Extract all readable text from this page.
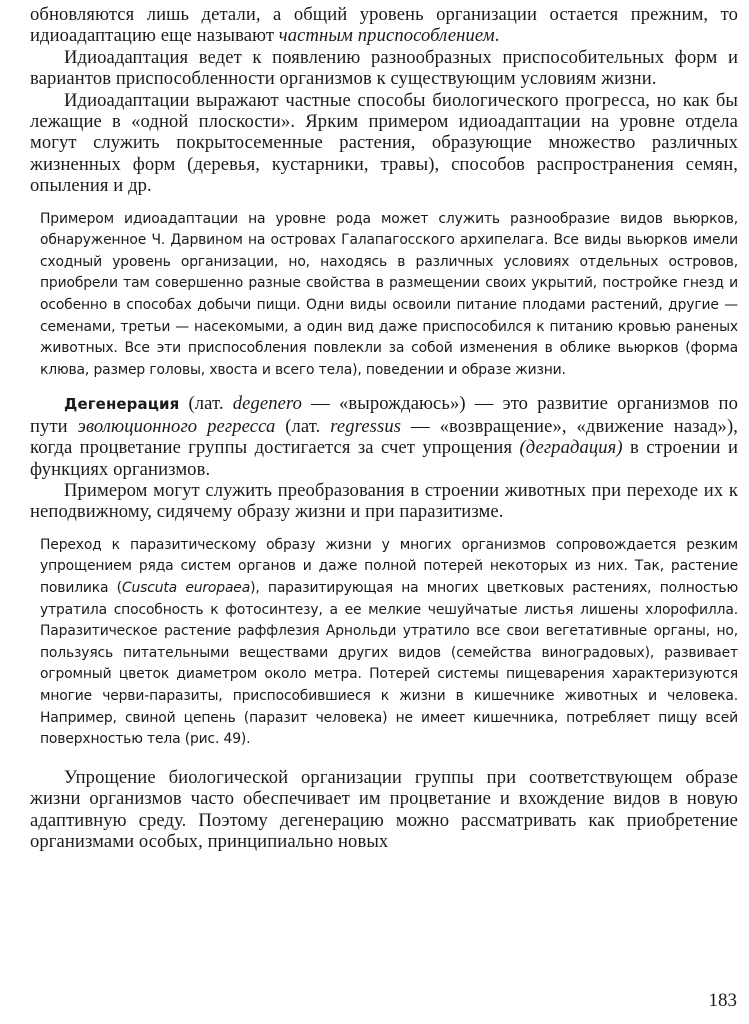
обновляются лишь детали, а общий уровень организации остается прежним, то идиоадаптацию еще называют частным приспособлением.

Идиоадаптация ведет к появлению разнообразных приспособительных форм и вариантов приспособленности организмов к существующим условиям жизни.

Идиоадаптации выражают частные способы биологического прогресса, но как бы лежащие в «одной плоскости». Ярким примером идиоадаптации на уровне отдела могут служить покрытосеменные растения, образующие множество различных жизненных форм (деревья, кустарники, травы), способов распространения семян, опыления и др.

Примером идиоадаптации на уровне рода может служить разнообразие видов вьюрков, обнаруженное Ч. Дарвином на островах Галапагосского архипелага. Все виды вьюрков имели сходный уровень организации, но, находясь в различных условиях отдельных островов, приобрели там совершенно разные свойства в размещении своих укрытий, постройке гнезд и особенно в способах добычи пищи. Одни виды освоили питание плодами растений, другие — семенами, третьи — насекомыми, а один вид даже приспособился к питанию кровью раненых животных. Все эти приспособления повлекли за собой изменения в облике вьюрков (форма клюва, размер головы, хвоста и всего тела), поведении и образе жизни.

Дегенерация (лат. degenero — «вырождаюсь») — это развитие организмов по пути эволюционного регресса (лат. regressus — «возвращение», «движение назад»), когда процветание группы достигается за счет упрощения (деградация) в строении и функциях организмов.

Примером могут служить преобразования в строении животных при переходе их к неподвижному, сидячему образу жизни и при паразитизме.

Переход к паразитическому образу жизни у многих организмов сопровождается резким упрощением ряда систем органов и даже полной потерей некоторых из них. Так, растение повилика (Cuscuta europaea), паразитирующая на многих цветковых растениях, полностью утратила способность к фотосинтезу, а ее мелкие чешуйчатые листья лишены хлорофилла. Паразитическое растение раффлезия Арнольди утратило все свои вегетативные органы, но, пользуясь питательными веществами других видов (семейства виноградовых), развивает огромный цветок диаметром около метра. Потерей системы пищеварения характеризуются многие черви-паразиты, приспособившиеся к жизни в кишечнике животных и человека. Например, свиной цепень (паразит человека) не имеет кишечника, потребляет пищу всей поверхностью тела (рис. 49).

Упрощение биологической организации группы при соответствующем образе жизни организмов часто обеспечивает им процветание и вхождение видов в новую адаптивную среду. Поэтому дегенерацию можно рассматривать как приобретение организмами особых, принципиально новых

183
